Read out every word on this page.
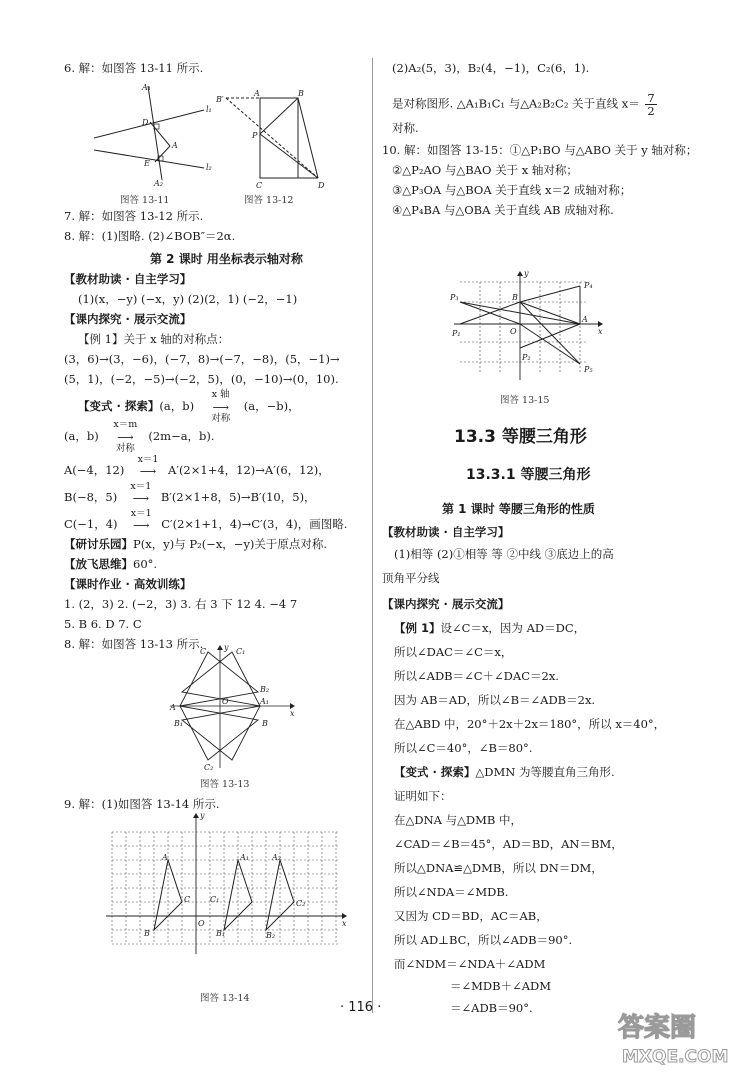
6. 解：如图答 13-11 所示.
A₁
l₁
D
A
E	l₂
A₂
图答 13-11
B′
A	B
P
C	D
图答 13-12
7. 解：如图答 13-12 所示.
8. 解：(1)图略. (2)∠BOB″＝2α.
第 2 课时 用坐标表示轴对称
【教材助读 · 自主学习】
(1)(x，−y) (−x，y) (2)(2，1) (−2，−1)
【课内探究 · 展示交流】
【例 1】关于 x 轴的对称点：
(3，6)→(3，−6)，(−7，8)→(−7，−8)，(5，−1)→
(5，1)，(−2，−5)→(−2，5)，(0，−10)→(0，10).
【变式 · 探索】(a，b)
x 轴
⟶
对称
(a，−b)，
(a，b)
x＝m
⟶
对称
(2m−a，b).
A(−4，12)
x＝1
⟶ A′(2×1+4，12)→A′(6，12)，
B(−8，5)
x＝1
⟶ B′(2×1+8，5)→B′(10，5)，
C(−1，4)
x＝1
⟶ C′(2×1+1，4)→C′(3，4)，画图略.
【研讨乐园】P(x，y)与 P₂(−x，−y)关于原点对称.
【放飞思维】60°.
【课时作业 · 高效训练】
1. (2，3) 2. (−2，3) 3. 右 3 下 12 4. −4 7
5. B 6. D 7. C
8. 解：如图答 13-13 所示.
C	C₁
y
x
B₂
A₁
A
O
B₁	B
C₂
图答 13-13
9. 解：(1)如图答 13-14 所示.
y
x
A	A₁	A₂
C C₁	C₂
B	B₁	B₂
O
图答 13-14
(2)A₂(5，3)，B₂(4，−1)，C₂(6，1).
是对称图形. △A₁B₁C₁ 与△A₂B₂C₂ 关于直线 $x= \frac{7}{2}$
对称.
10. 解：如图答 13-15：①△P₁BO 与△ABO 关于 y 轴对称；
②△P₂AO 与△BAO 关于 x 轴对称；
③△P₃OA 与△BOA 关于直线 x＝2 成轴对称；
④△P₄BA 与△OBA 关于直线 AB 成轴对称.
B
y
P₃
P₄
A
x
P₁	O
P₂
P₅
图答 13-15
13.3 等腰三角形
13.3.1 等腰三角形
第 1 课时 等腰三角形的性质
【教材助读 · 自主学习】
(1)相等 (2)①相等 等 ②中线 ③底边上的高
顶角平分线
【课内探究 · 展示交流】
【例 1】设∠C＝x，因为 AD＝DC，
所以∠DAC＝∠C＝x，
所以∠ADB＝∠C＋∠DAC＝2x.
因为 AB＝AD，所以∠B＝∠ADB＝2x.
在△ABD 中，20°＋2x＋2x＝180°，所以 x＝40°，
所以∠C＝40°，∠B＝80°.
【变式 · 探索】△DMN 为等腰直角三角形.
证明如下：
在△DNA 与△DMB 中，
∠CAD＝∠B＝45°，AD＝BD，AN＝BM，
所以△DNA≌△DMB，所以 DN＝DM，
所以∠NDA＝∠MDB.
又因为 CD＝BD，AC＝AB，
所以 AD⊥BC，所以∠ADB＝90°.
而∠NDM＝∠NDA＋∠ADM
＝∠MDB＋∠ADM
＝∠ADB＝90°.
· 116 ·
答案圈
MXQE.COM
